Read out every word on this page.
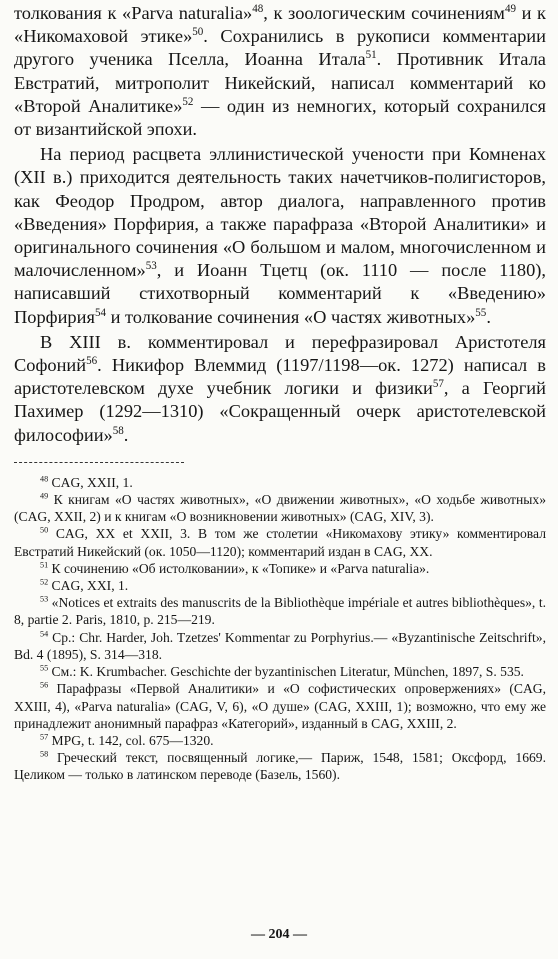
толкования к «Parva naturalia»$^{48}$, к зоологическим сочинениям$^{49}$ и к «Никомаховой этике»$^{50}$. Сохранились в рукописи комментарии другого ученика Пселла, Иоанна Итала$^{51}$. Противник Итала Евстратий, митрополит Никейский, написал комментарий ко «Второй Аналитике»$^{52}$ — один из немногих, который сохранился от византийской эпохи.

На период расцвета эллинистической учености при Комненах (XII в.) приходится деятельность таких начетчиков-полигисторов, как Феодор Продром, автор диалога, направленного против «Введения» Порфирия, а также парафраза «Второй Аналитики» и оригинального сочинения «О большом и малом, многочисленном и малочисленном»$^{53}$, и Иоанн Тцетц (ок. 1110 — после 1180), написавший стихотворный комментарий к «Введению» Порфирия$^{54}$ и толкование сочинения «О частях животных»$^{55}$.

В XIII в. комментировал и перефразировал Аристотеля Софоний$^{56}$. Никифор Влеммид (1197/1198—ок. 1272) написал в аристотелевском духе учебник логики и физики$^{57}$, а Георгий Пахимер (1292—1310) «Сокращенный очерк аристотелевской философии»$^{58}$.

$^{48}$ CAG, XXII, 1.

$^{49}$ К книгам «О частях животных», «О движении животных», «О ходьбе животных» (CAG, XXII, 2) и к книгам «О возникновении животных» (CAG, XIV, 3).

$^{50}$ CAG, XX et XXII, 3. В том же столетии «Никомахову этику» комментировал Евстратий Никейский (ок. 1050—1120); комментарий издан в CAG, XX.

$^{51}$ К сочинению «Об истолковании», к «Топике» и «Parva naturalia».

$^{52}$ CAG, XXI, 1.

$^{53}$ «Notices et extraits des manuscrits de la Bibliothèque impériale et autres bibliothèques», t. 8, partie 2. Paris, 1810, p. 215—219.

$^{54}$ Cp.: Chr. Harder, Joh. Tzetzes' Kommentar zu Porphyrius.— «Byzantinische Zeitschrift», Bd. 4 (1895), S. 314—318.

$^{55}$ См.: K. Krumbacher. Geschichte der byzantinischen Literatur, München, 1897, S. 535.

$^{56}$ Парафразы «Первой Аналитики» и «О софистических опровержениях» (CAG, XXIII, 4), «Parva naturalia» (CAG, V, 6), «О душе» (CAG, XXIII, 1); возможно, что ему же принадлежит анонимный парафраз «Категорий», изданный в CAG, XXIII, 2.

$^{57}$ MPG, t. 142, col. 675—1320.

$^{58}$ Греческий текст, посвященный логике,— Париж, 1548, 1581; Оксфорд, 1669. Целиком — только в латинском переводе (Базель, 1560).

— 204 —
